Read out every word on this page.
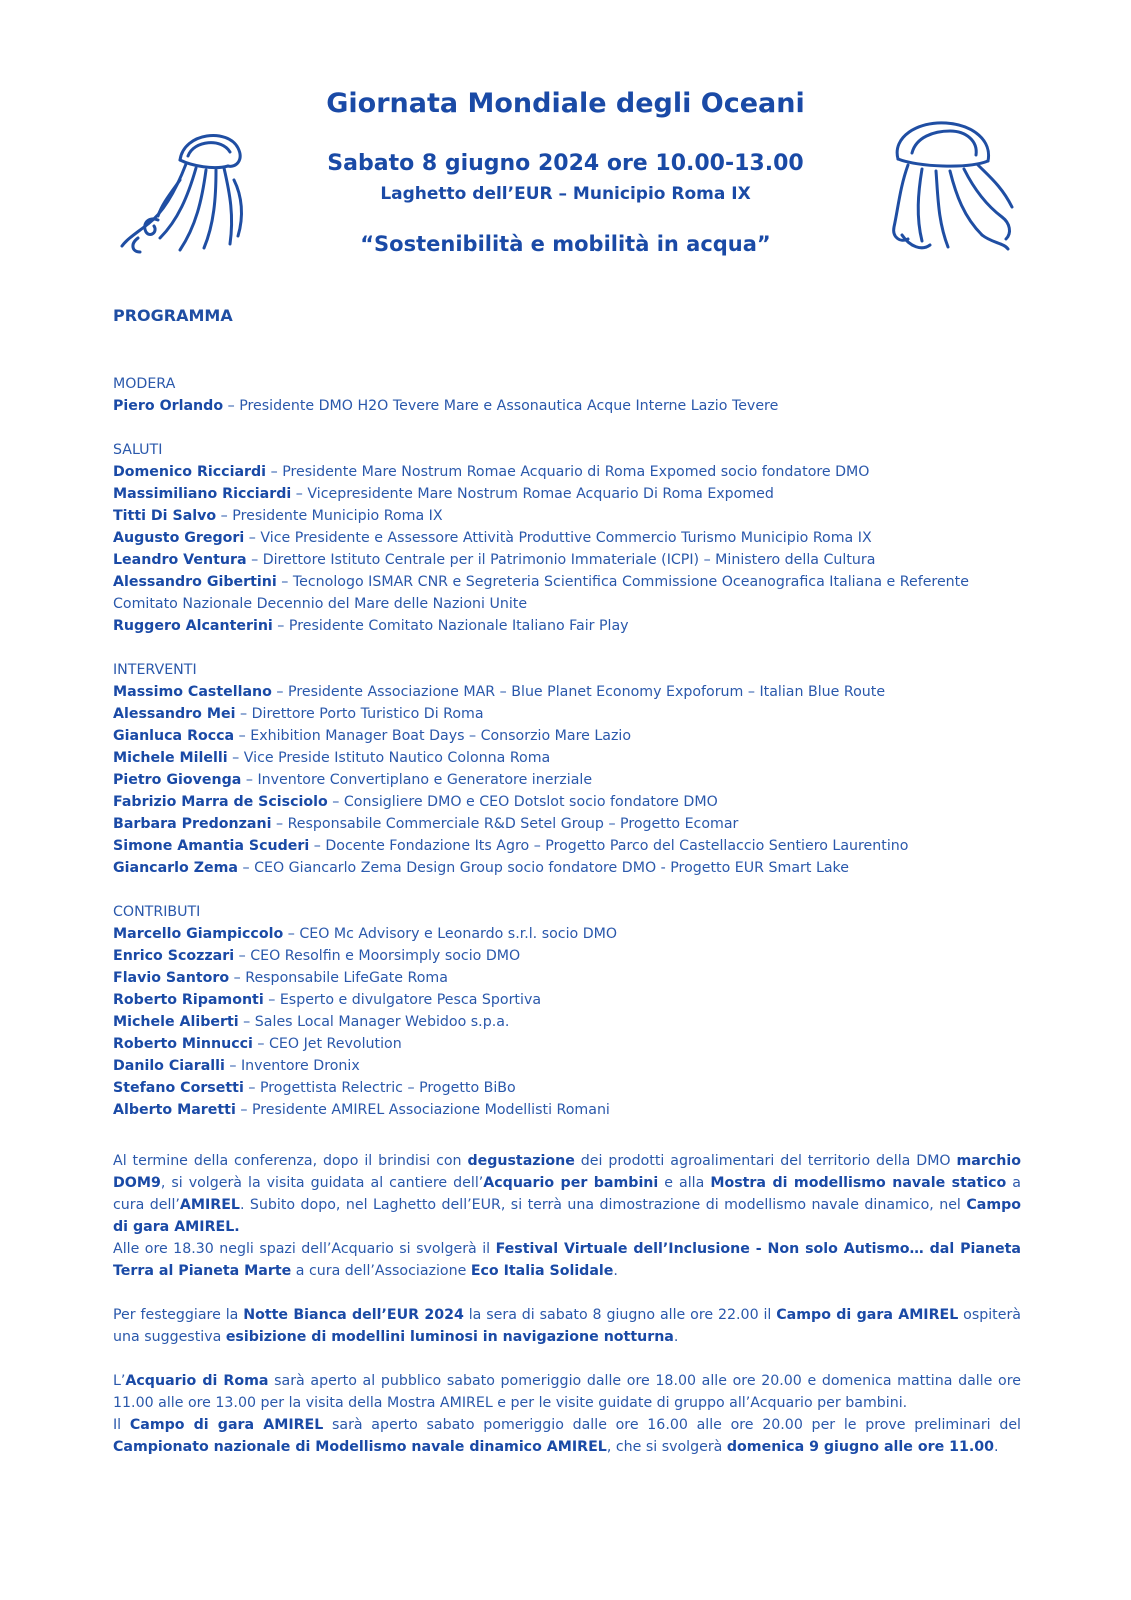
Giornata Mondiale degli Oceani
Sabato 8 giugno 2024 ore 10.00-13.00
Laghetto dell’EUR – Municipio Roma IX
“Sostenibilità e mobilità in acqua”
PROGRAMMA
MODERA
Piero Orlando – Presidente DMO H2O Tevere Mare e Assonautica Acque Interne Lazio Tevere
SALUTI
Domenico Ricciardi – Presidente Mare Nostrum Romae Acquario di Roma Expomed socio fondatore DMO
Massimiliano Ricciardi – Vicepresidente Mare Nostrum Romae Acquario Di Roma Expomed
Titti Di Salvo – Presidente Municipio Roma IX
Augusto Gregori – Vice Presidente e Assessore Attività Produttive Commercio Turismo Municipio Roma IX
Leandro Ventura – Direttore Istituto Centrale per il Patrimonio Immateriale (ICPI) – Ministero della Cultura
Alessandro Gibertini – Tecnologo ISMAR CNR e Segreteria Scientifica Commissione Oceanografica Italiana e Referente Comitato Nazionale Decennio del Mare delle Nazioni Unite
Ruggero Alcanterini – Presidente Comitato Nazionale Italiano Fair Play
INTERVENTI
Massimo Castellano – Presidente Associazione MAR – Blue Planet Economy Expoforum – Italian Blue Route
Alessandro Mei – Direttore Porto Turistico Di Roma
Gianluca Rocca – Exhibition Manager Boat Days – Consorzio Mare Lazio
Michele Milelli – Vice Preside Istituto Nautico Colonna Roma
Pietro Giovenga – Inventore Convertiplano e Generatore inerziale
Fabrizio Marra de Scisciolo – Consigliere DMO e CEO Dotslot socio fondatore DMO
Barbara Predonzani – Responsabile Commerciale R&D Setel Group – Progetto Ecomar
Simone Amantia Scuderi – Docente Fondazione Its Agro – Progetto Parco del Castellaccio Sentiero Laurentino
Giancarlo Zema – CEO Giancarlo Zema Design Group socio fondatore DMO - Progetto EUR Smart Lake
CONTRIBUTI
Marcello Giampiccolo – CEO Mc Advisory e Leonardo s.r.l. socio DMO
Enrico Scozzari – CEO Resolfin e Moorsimply socio DMO
Flavio Santoro – Responsabile LifeGate Roma
Roberto Ripamonti – Esperto e divulgatore Pesca Sportiva
Michele Aliberti – Sales Local Manager Webidoo s.p.a.
Roberto Minnucci – CEO Jet Revolution
Danilo Ciaralli – Inventore Dronix
Stefano Corsetti – Progettista Relectric – Progetto BiBo
Alberto Maretti – Presidente AMIREL Associazione Modellisti Romani

Al termine della conferenza, dopo il brindisi con degustazione dei prodotti agroalimentari del territorio della DMO marchio DOM9, si volgerà la visita guidata al cantiere dell’Acquario per bambini e alla Mostra di modellismo navale statico a cura dell’AMIREL. Subito dopo, nel Laghetto dell’EUR, si terrà una dimostrazione di modellismo navale dinamico, nel Campo di gara AMIREL.

Alle ore 18.30 negli spazi dell’Acquario si svolgerà il Festival Virtuale dell’Inclusione - Non solo Autismo… dal Pianeta Terra al Pianeta Marte a cura dell’Associazione Eco Italia Solidale.

Per festeggiare la Notte Bianca dell’EUR 2024 la sera di sabato 8 giugno alle ore 22.00 il Campo di gara AMIREL ospiterà una suggestiva esibizione di modellini luminosi in navigazione notturna.

L’Acquario di Roma sarà aperto al pubblico sabato pomeriggio dalle ore 18.00 alle ore 20.00 e domenica mattina dalle ore 11.00 alle ore 13.00 per la visita della Mostra AMIREL e per le visite guidate di gruppo all’Acquario per bambini.

Il Campo di gara AMIREL sarà aperto sabato pomeriggio dalle ore 16.00 alle ore 20.00 per le prove preliminari del Campionato nazionale di Modellismo navale dinamico AMIREL, che si svolgerà domenica 9 giugno alle ore 11.00.
